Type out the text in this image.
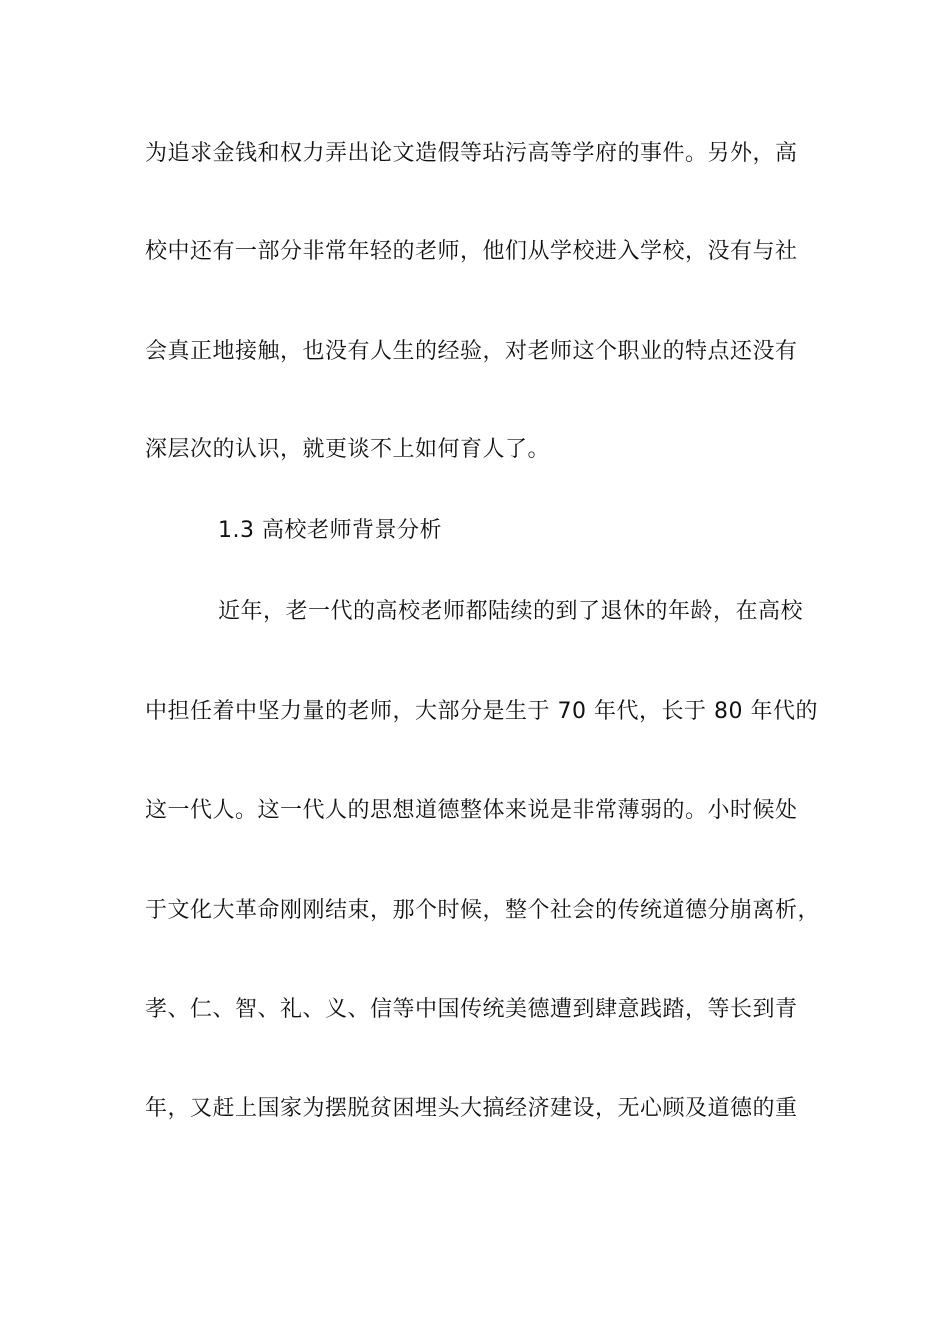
为追求金钱和权力弄出论文造假等玷污高等学府的事件。另外，高
校中还有一部分非常年轻的老师，他们从学校进入学校，没有与社
会真正地接触，也没有人生的经验，对老师这个职业的特点还没有
深层次的认识，就更谈不上如何育人了。
1.3 高校老师背景分析
近年，老一代的高校老师都陆续的到了退休的年龄，在高校
中担任着中坚力量的老师，大部分是生于 70 年代，长于 80 年代的
这一代人。这一代人的思想道德整体来说是非常薄弱的。小时候处
于文化大革命刚刚结束，那个时候，整个社会的传统道德分崩离析，
孝、仁、智、礼、义、信等中国传统美德遭到肆意践踏，等长到青
年，又赶上国家为摆脱贫困埋头大搞经济建设，无心顾及道德的重
